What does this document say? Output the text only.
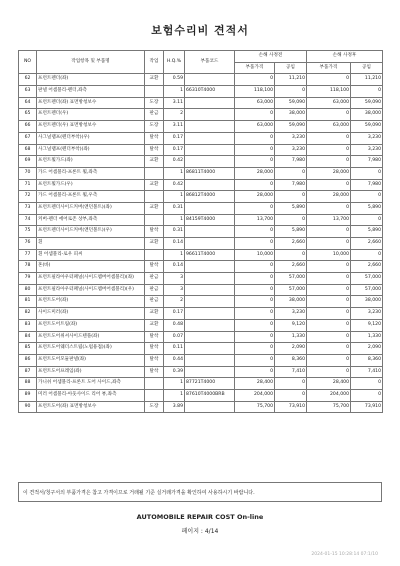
보험수리비 견적서
NO	작업항목 및 부품명	작업	H.Q.%	부품코드	손해 사정전		손해 사정후	
					부품가격	공임	부품가격	공임
62	프런트펜더(좌)	교환	0.59		0	11,210	0	11,210
63	판넬 어셈블리-펜더,좌측		1	66310T4000	118,100	0	118,100	0
64	프런트펜더(좌) 표면방청보수	도장	3.11		63,000	59,090	63,000	59,090
65	프런트펜더(우)	판금	2		0	38,000	0	38,000
66	프런트펜더(우) 표면방청보수	도장	3.11		63,000	59,090	63,000	59,090
67	사그널램프(펜더부착)(우)	탈착	0.17		0	3,230	0	3,230
68	사그널램프(펜더부착)(좌)	탈착	0.17		0	3,230	0	3,230
69	프런트휠가드(좌)	교환	0.42		0	7,980	0	7,980
70	가드 어셈블리-프론트 휠,좌측		1	86811T4000	28,000	0	28,000	0
71	프런트휠가드(우)	교환	0.42		0	7,980	0	7,980
72	가드 어셈블리-프론트 휠,우측		1	86812T4000	28,000	0	28,000	0
73	프런트펜더사이드커버(앤던볼트)(좌)	교환	0.31		0	5,890	0	5,890
74	커버-펜더 에어로존 상부,좌측		1	84159T4000	13,700	0	13,700	0
75	프런트펜더사이드커버(앤던볼트)(우)	탈착	0.31		0	5,890	0	5,890
76	흰	교환	0.14		0	2,660	0	2,660
77	흰 어셈블리-로우 피씨		1	96611T4000	10,000	0	10,000	0
78	혼(바)	탈착	0.14		0	2,660	0	2,660
79	프런트필라아우터패널(사이드멤버어셈블리)(좌)	판금	3		0	57,000	0	57,000
80	프런트필라아우터패널(사이드멤버어셈블리)(우)	판금	3		0	57,000	0	57,000
81	프런트도어(좌)	판금	2		0	38,000	0	38,000
82	사이드미러(좌)	교환	0.17		0	3,230	0	3,230
83	프런트도어트림(좌)	교환	0.48		0	9,120	0	9,120
84	프런트도어위셔사이드텐플(좌)	탈착	0.07		0	1,330	0	1,330
85	프런트도어웨더스트립(노럽용접)(좌)	탈착	0.11		0	2,090	0	2,090
86	프런트도어모듈판넬(좌)	탈착	0.44		0	8,360	0	8,360
87	프런트도어프레임(좌)	탈착	0.39		0	7,410	0	7,410
88	가니쉬 어셈블리-프론트 도어 사이드,좌측		1	87721T4000	28,400	0	28,400	0
89	미러 어셈블리-아웃사이드 리어 뷰,좌측		1	87610T4000BRB	204,000	0	204,000	0
90	프런트도어(좌) 표면방청보수	도장	3.89		75,700	73,910	75,700	73,910
이 견적서/청구서의 부품가격은 참고 가격이므로 거래될 기준 실거래가격을 확인하여 사용하시기 바랍니다.
AUTOMOBILE REPAIR COST On-line
페이지 : 4/14
2024-01-15 10:28:14 07:1/10
